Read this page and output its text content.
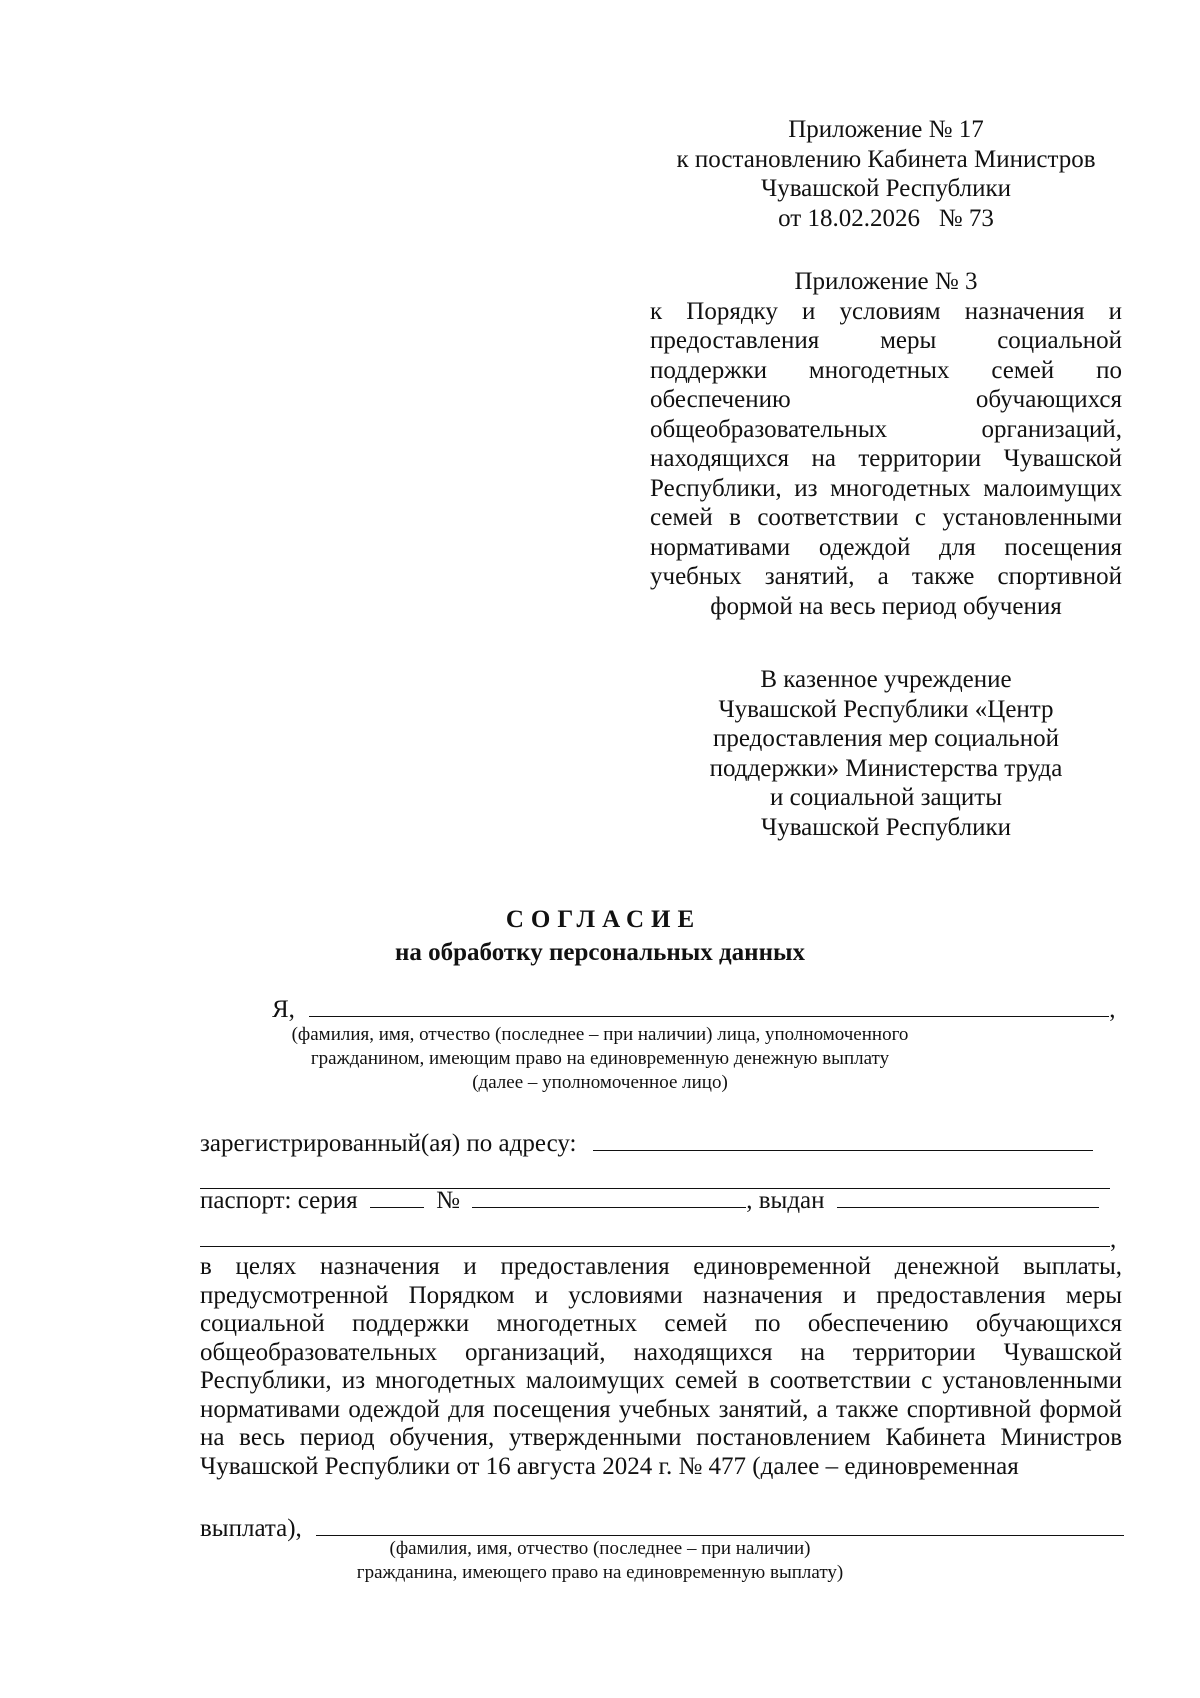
Приложение № 17
к постановлению Кабинета Министров
Чувашской Республики
от 18.02.2026   № 73
Приложение № 3
к Порядку и условиям назначения и предоставления меры социальной поддержки многодетных семей по обеспечению обучающихся общеобразовательных организаций, находящихся на территории Чувашской Республики, из многодетных малоимущих семей в соответствии с установленными нормативами одеждой для посещения учебных занятий, а также спортивной формой на весь период обучения
В казенное учреждение
Чувашской Республики «Центр
предоставления мер социальной
поддержки» Министерства труда
и социальной защиты
Чувашской Республики
СОГЛАСИЕ
на обработку персональных данных
Я,	,
(фамилия, имя, отчество (последнее – при наличии) лица, уполномоченного
гражданином, имеющим право на единовременную денежную выплату
(далее – уполномоченное лицо)
зарегистрированный(ая) по адресу:
паспорт: серия	№	, выдан
,
в целях назначения и предоставления единовременной денежной выплаты, предусмотренной Порядком и условиями назначения и предоставления меры социальной поддержки многодетных семей по обеспечению обучающихся общеобразовательных организаций, находящихся на территории Чувашской Республики, из многодетных малоимущих семей в соответствии с установленными нормативами одеждой для посещения учебных занятий, а также спортивной формой на весь период обучения, утвержденными постановлением Кабинета Министров Чувашской Республики от 16 августа 2024 г. № 477 (далее – единовременная
выплата),
(фамилия, имя, отчество (последнее – при наличии)
гражданина, имеющего право на единовременную выплату)
